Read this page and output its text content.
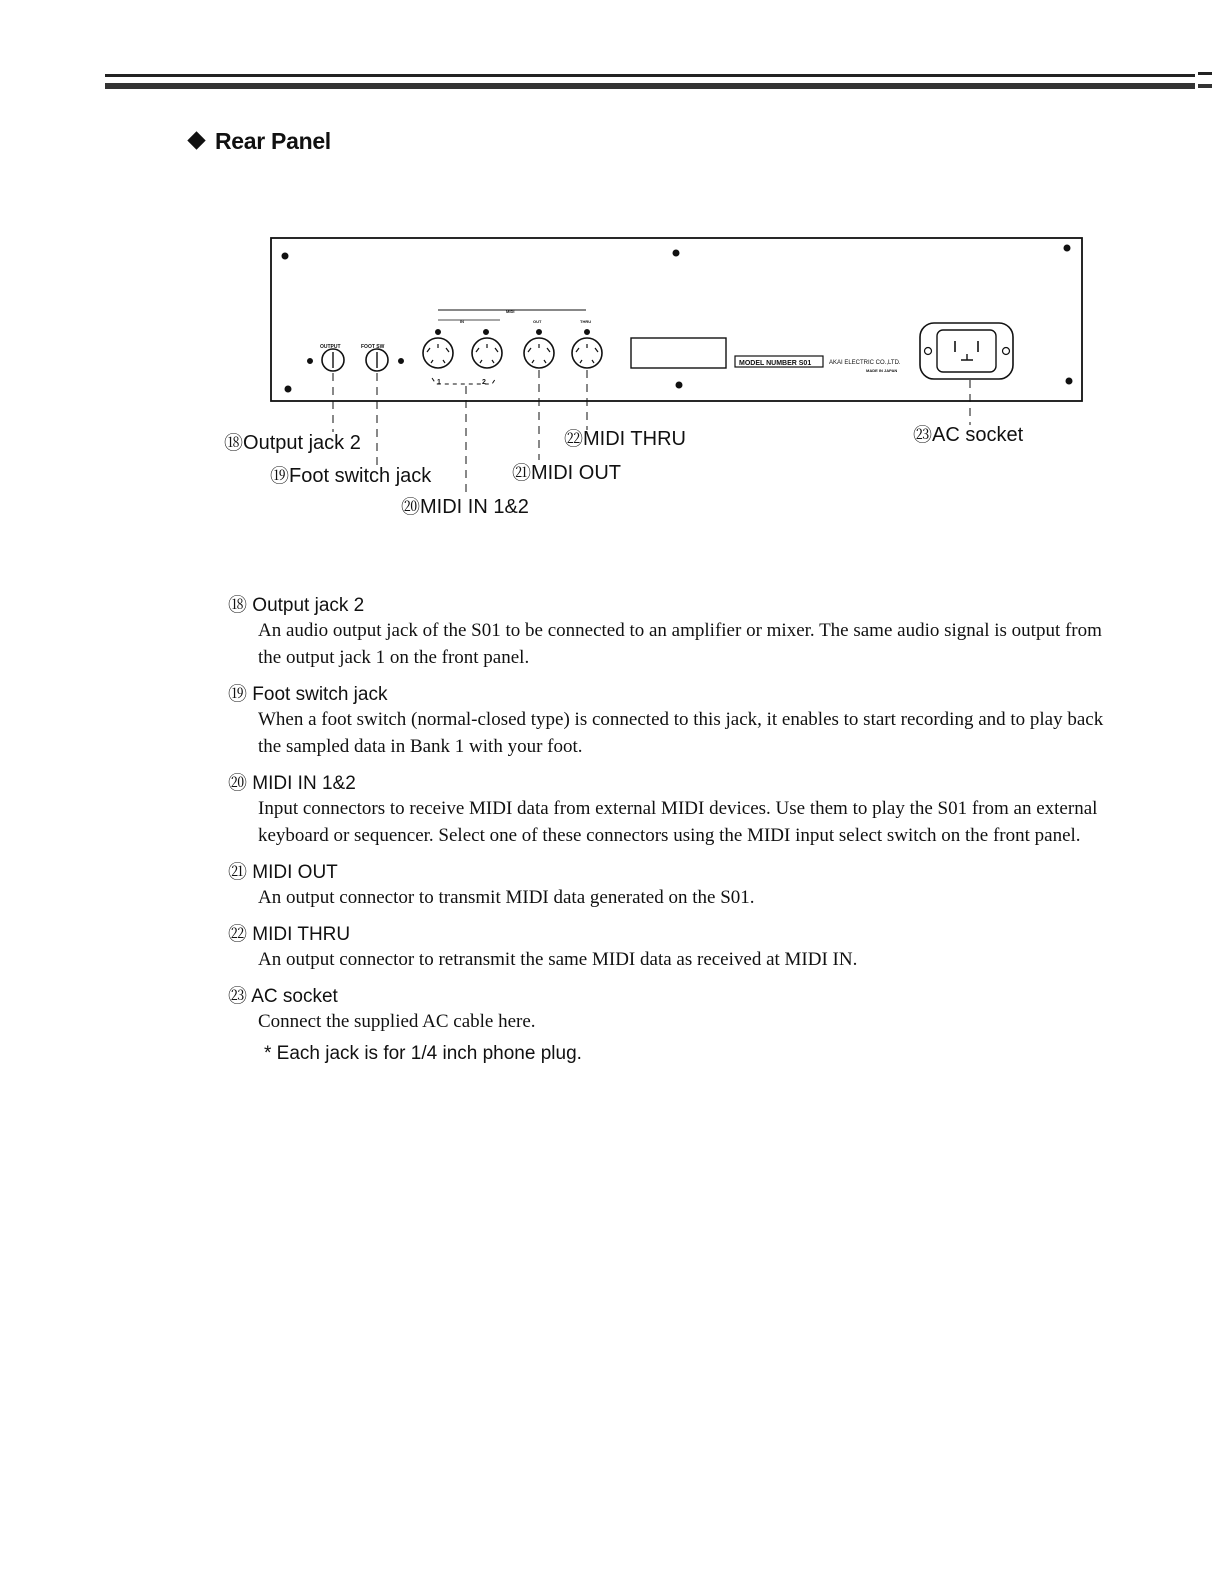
Rear Panel
OUTPUT	FOOT SW
MIDI
IN	OUT	THRU
1	2
MODEL NUMBER S01	AKAI ELECTRIC CO.,LTD.
MADE IN JAPAN
⑱Output jack 2
⑲Foot switch jack
⑳MIDI IN 1&2
㉑MIDI OUT
㉒MIDI THRU	㉓AC socket
⑱ Output jack 2
An audio output jack of the S01 to be connected to an amplifier or mixer. The same audio signal is output from the output jack 1 on the front panel.
⑲ Foot switch jack
When a foot switch (normal-closed type) is connected to this jack, it enables to start recording and to play back the sampled data in Bank 1 with your foot.
⑳ MIDI IN 1&2
Input connectors to receive MIDI data from external MIDI devices. Use them to play the S01 from an external keyboard or sequencer. Select one of these connectors using the MIDI input select switch on the front panel.
㉑ MIDI OUT
An output connector to transmit MIDI data generated on the S01.
㉒ MIDI THRU
An output connector to retransmit the same MIDI data as received at MIDI IN.
㉓ AC socket
Connect the supplied AC cable here.
* Each jack is for 1/4 inch phone plug.
